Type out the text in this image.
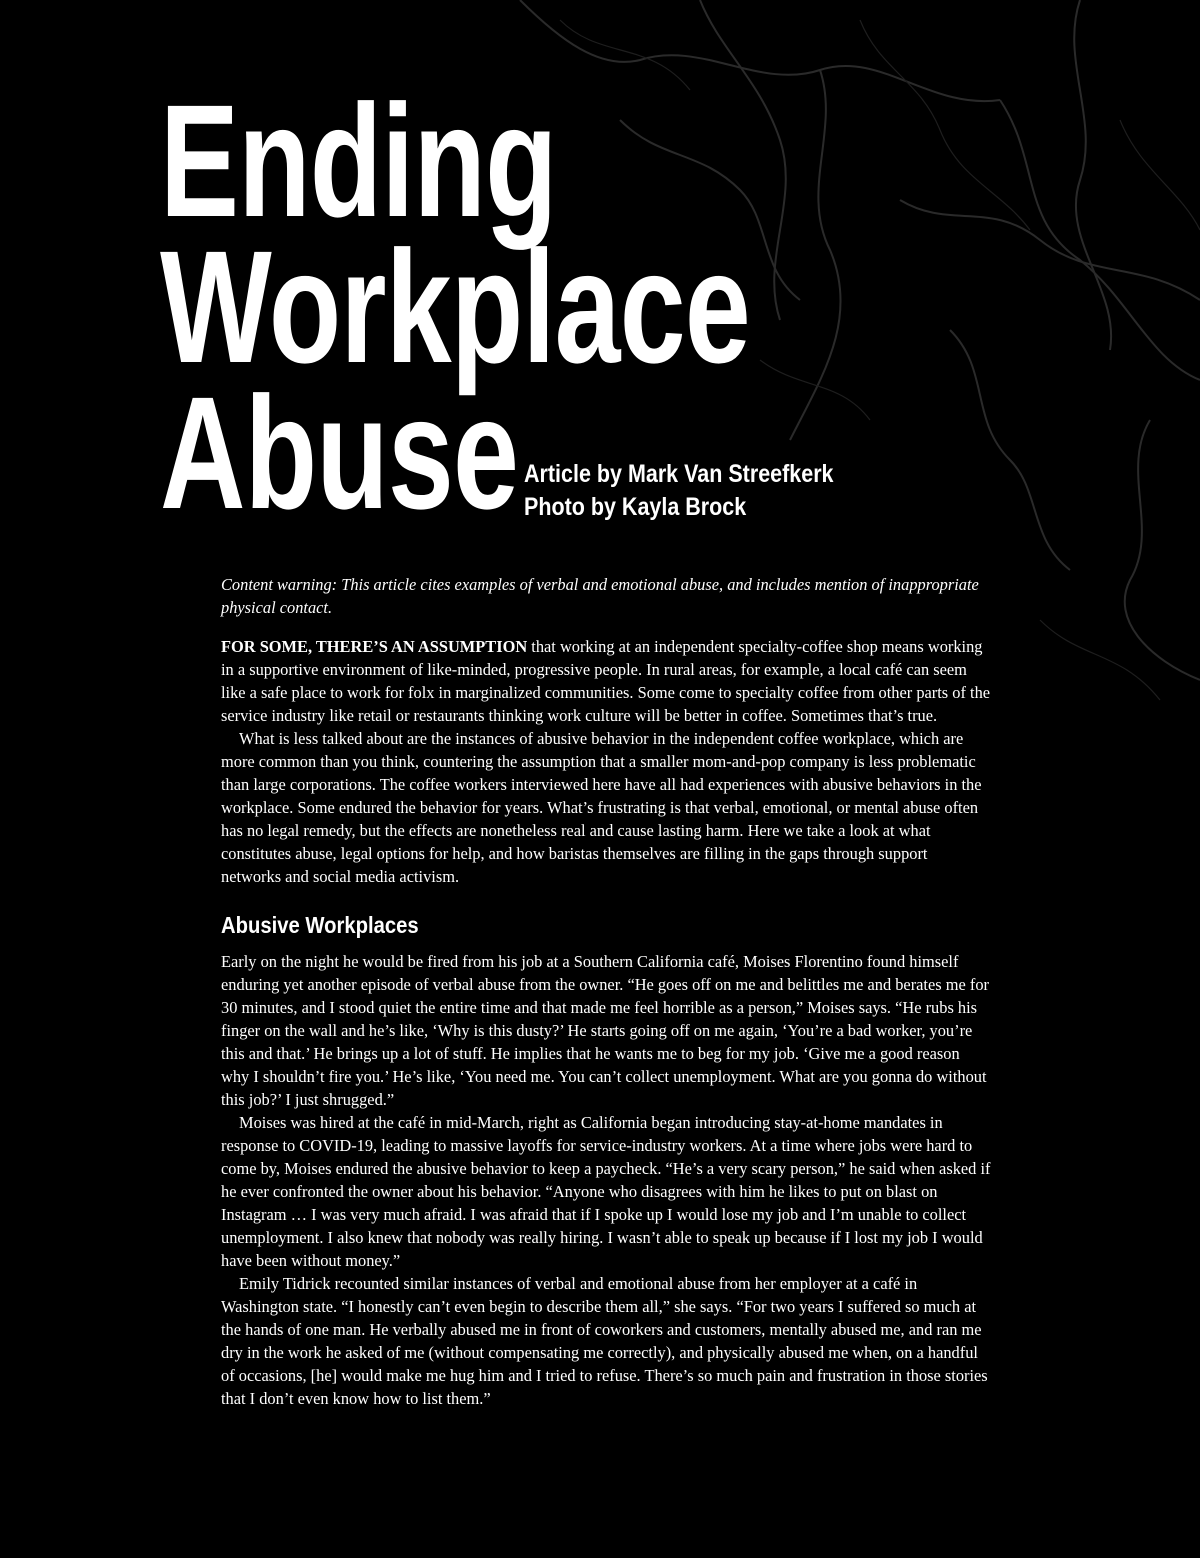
Ending
Workplace
Abuse Article by Mark Van Streefkerk
Photo by Kayla Brock

Content warning: This article cites examples of verbal and emotional abuse, and includes mention of inappropriate physical contact.

FOR SOME, THERE’S AN ASSUMPTION that working at an independent specialty-coffee shop means working in a supportive environment of like-minded, progressive people. In rural areas, for example, a local café can seem like a safe place to work for folx in marginalized communities. Some come to specialty coffee from other parts of the service industry like retail or restaurants thinking work culture will be better in coffee. Sometimes that’s true.

What is less talked about are the instances of abusive behavior in the independent coffee workplace, which are more common than you think, countering the assumption that a smaller mom-and-pop company is less problematic than large corporations. The coffee workers interviewed here have all had experiences with abusive behaviors in the workplace. Some endured the behavior for years. What’s frustrating is that verbal, emotional, or mental abuse often has no legal remedy, but the effects are nonetheless real and cause lasting harm. Here we take a look at what constitutes abuse, legal options for help, and how baristas themselves are filling in the gaps through support networks and social media activism.

Abusive Workplaces

Early on the night he would be fired from his job at a Southern California café, Moises Florentino found himself enduring yet another episode of verbal abuse from the owner. “He goes off on me and belittles me and berates me for 30 minutes, and I stood quiet the entire time and that made me feel horrible as a person,” Moises says. “He rubs his finger on the wall and he’s like, ‘Why is this dusty?’ He starts going off on me again, ‘You’re a bad worker, you’re this and that.’ He brings up a lot of stuff. He implies that he wants me to beg for my job. ‘Give me a good reason why I shouldn’t fire you.’ He’s like, ‘You need me. You can’t collect unemployment. What are you gonna do without this job?’ I just shrugged.”

Moises was hired at the café in mid-March, right as California began introducing stay-at-home mandates in response to COVID-19, leading to massive layoffs for service-industry workers. At a time where jobs were hard to come by, Moises endured the abusive behavior to keep a paycheck. “He’s a very scary person,” he said when asked if he ever confronted the owner about his behavior. “Anyone who disagrees with him he likes to put on blast on Instagram … I was very much afraid. I was afraid that if I spoke up I would lose my job and I’m unable to collect unemployment. I also knew that nobody was really hiring. I wasn’t able to speak up because if I lost my job I would have been without money.”

Emily Tidrick recounted similar instances of verbal and emotional abuse from her employer at a café in Washington state. “I honestly can’t even begin to describe them all,” she says. “For two years I suffered so much at the hands of one man. He verbally abused me in front of coworkers and customers, mentally abused me, and ran me dry in the work he asked of me (without compensating me correctly), and physically abused me when, on a handful of occasions, [he] would make me hug him and I tried to refuse. There’s so much pain and frustration in those stories that I don’t even know how to list them.”
